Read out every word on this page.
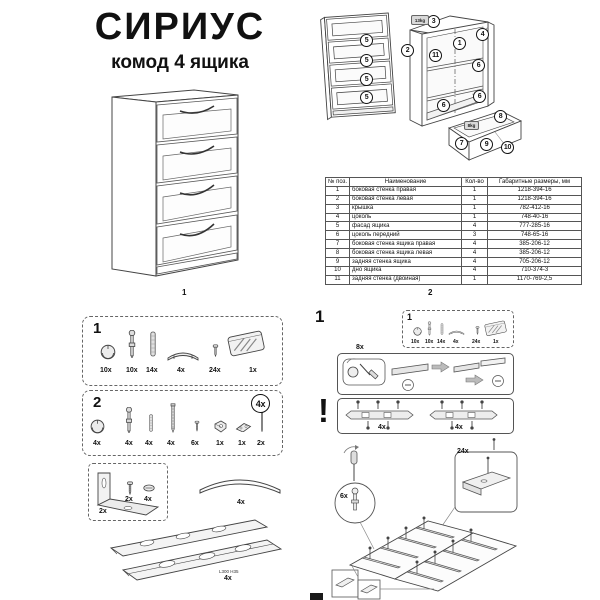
СИРИУС
комод 4 ящика
1
5
5
5
5
3
2
11
1
4
6
6
6
8
7	9	10
13kg
8kg
№ поз.	Наименование	Кол-во	Габаритные размеры, мм
1	боковая стенка правая	1	1218-394-16
2	боковая стенка левая	1	1218-394-16
3	крышка	1	782-412-16
4	цоколь	1	748-40-16
5	фасад ящика	4	777-285-16
6	цоколь передний	3	748-65-16
7	боковая стенка ящика правая	4	385-206-12
8	боковая стенка ящика левая	4	385-206-12
9	задняя стенка ящика	4	705-206-12
10	дно ящика	4	710-374-3
11	задняя стенка (двойная)	1	1170-769-2,5
2
1
10x 10x 14x	4x	24x	1x
2	4x
4x	4x 4x 4x 6x 1x 1x 2x
2x
2x 4x	4x
L300 H35
4x
1	1
10x 10x 14x 4x	24x	1x
8x
!	4x	4x
6x
24x
